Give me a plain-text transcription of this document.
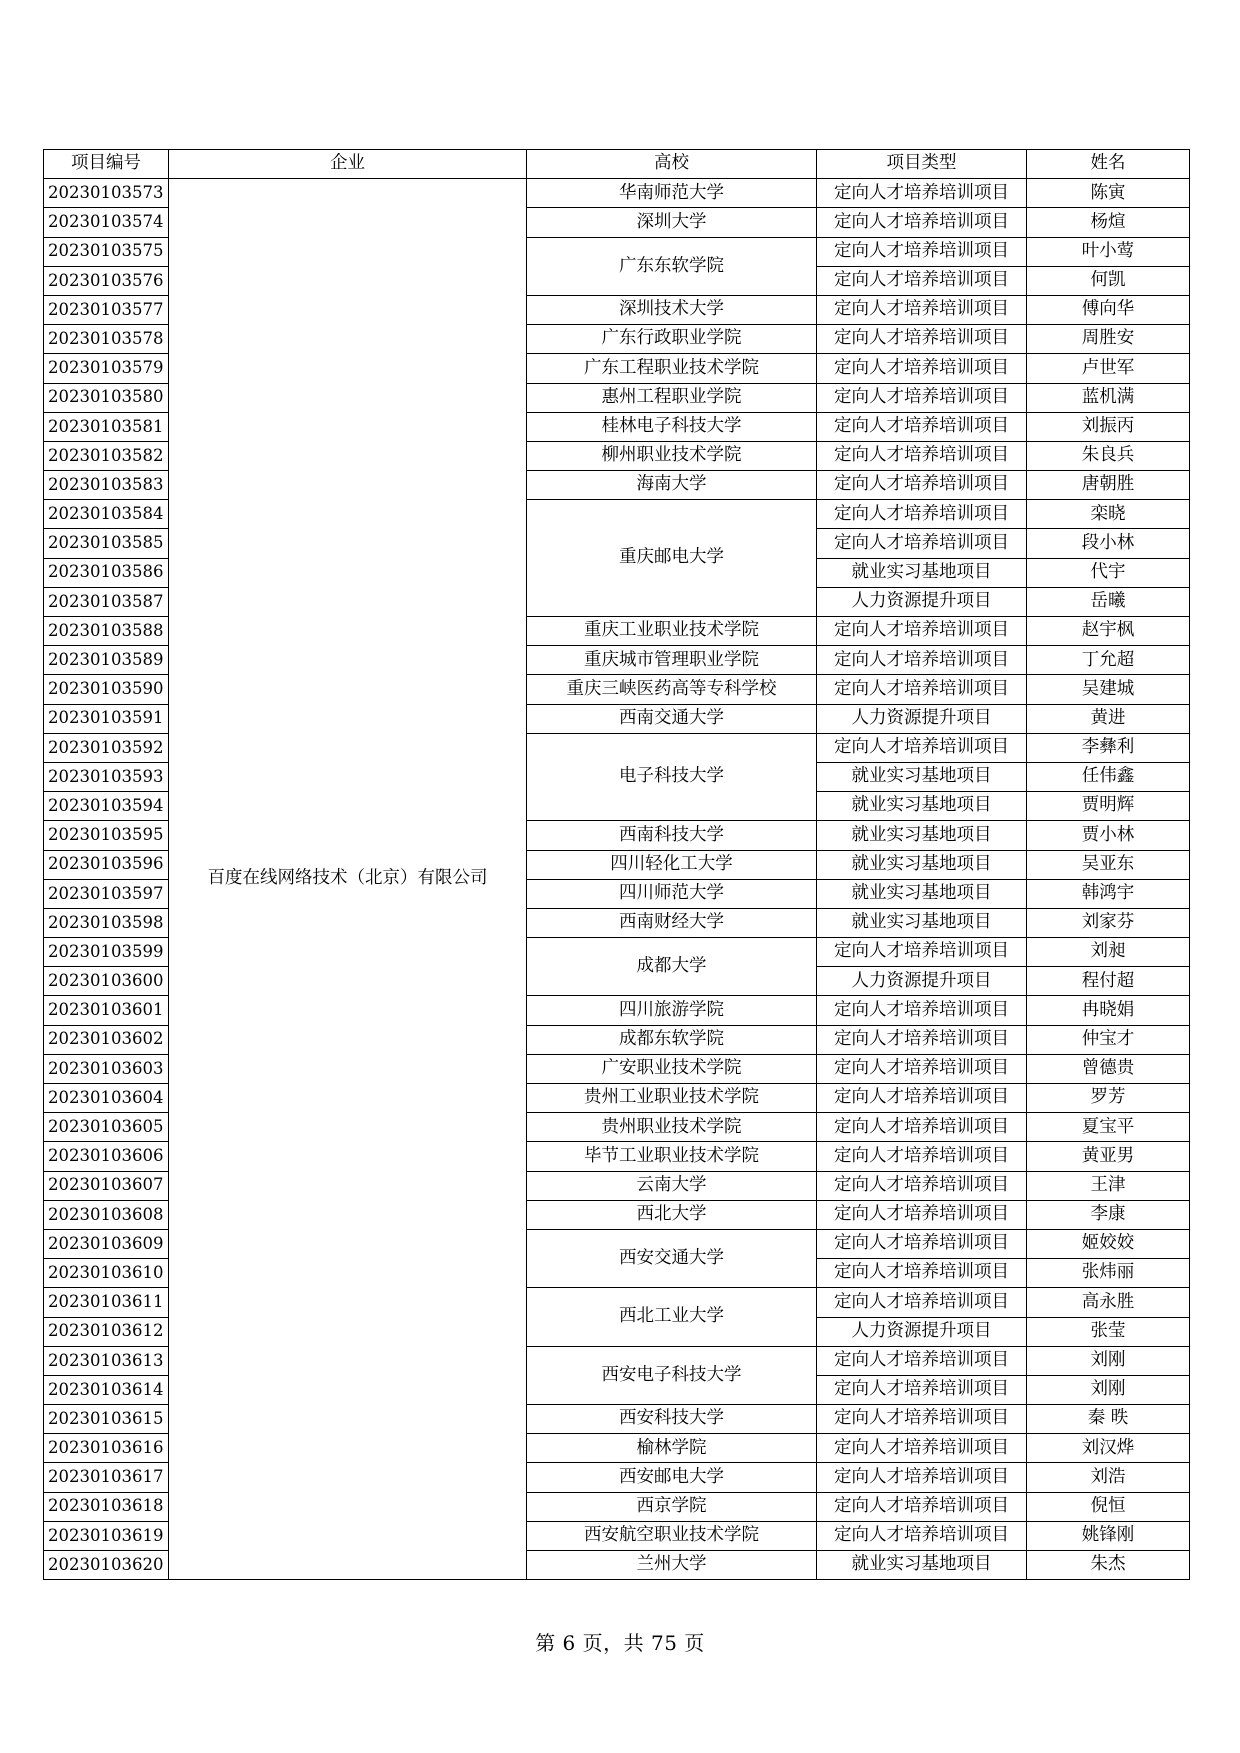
项目编号	企业	高校	项目类型	姓名
20230103573	百度在线网络技术（北京）有限公司	华南师范大学	定向人才培养培训项目	陈寅
20230103574		深圳大学	定向人才培养培训项目	杨煊
20230103575		广东东软学院	定向人才培养培训项目	叶小莺
20230103576			定向人才培养培训项目	何凯
20230103577		深圳技术大学	定向人才培养培训项目	傅向华
20230103578		广东行政职业学院	定向人才培养培训项目	周胜安
20230103579		广东工程职业技术学院	定向人才培养培训项目	卢世军
20230103580		惠州工程职业学院	定向人才培养培训项目	蓝机满
20230103581		桂林电子科技大学	定向人才培养培训项目	刘振丙
20230103582		柳州职业技术学院	定向人才培养培训项目	朱良兵
20230103583		海南大学	定向人才培养培训项目	唐朝胜
20230103584		重庆邮电大学	定向人才培养培训项目	栾晓
20230103585			定向人才培养培训项目	段小林
20230103586			就业实习基地项目	代宇
20230103587			人力资源提升项目	岳曦
20230103588		重庆工业职业技术学院	定向人才培养培训项目	赵宇枫
20230103589		重庆城市管理职业学院	定向人才培养培训项目	丁允超
20230103590		重庆三峡医药高等专科学校	定向人才培养培训项目	吴建城
20230103591		西南交通大学	人力资源提升项目	黄进
20230103592		电子科技大学	定向人才培养培训项目	李彝利
20230103593			就业实习基地项目	任伟鑫
20230103594			就业实习基地项目	贾明辉
20230103595		西南科技大学	就业实习基地项目	贾小林
20230103596		四川轻化工大学	就业实习基地项目	吴亚东
20230103597		四川师范大学	就业实习基地项目	韩鸿宇
20230103598		西南财经大学	就业实习基地项目	刘家芬
20230103599		成都大学	定向人才培养培训项目	刘昶
20230103600			人力资源提升项目	程付超
20230103601		四川旅游学院	定向人才培养培训项目	冉晓娟
20230103602		成都东软学院	定向人才培养培训项目	仲宝才
20230103603		广安职业技术学院	定向人才培养培训项目	曾德贵
20230103604		贵州工业职业技术学院	定向人才培养培训项目	罗芳
20230103605		贵州职业技术学院	定向人才培养培训项目	夏宝平
20230103606		毕节工业职业技术学院	定向人才培养培训项目	黄亚男
20230103607		云南大学	定向人才培养培训项目	王津
20230103608		西北大学	定向人才培养培训项目	李康
20230103609		西安交通大学	定向人才培养培训项目	姬姣姣
20230103610			定向人才培养培训项目	张炜丽
20230103611		西北工业大学	定向人才培养培训项目	高永胜
20230103612			人力资源提升项目	张莹
20230103613		西安电子科技大学	定向人才培养培训项目	刘刚
20230103614			定向人才培养培训项目	刘刚
20230103615		西安科技大学	定向人才培养培训项目	秦 昳
20230103616		榆林学院	定向人才培养培训项目	刘汉烨
20230103617		西安邮电大学	定向人才培养培训项目	刘浩
20230103618		西京学院	定向人才培养培训项目	倪恒
20230103619		西安航空职业技术学院	定向人才培养培训项目	姚锋刚
20230103620		兰州大学	就业实习基地项目	朱杰
第 6 页，共 75 页
